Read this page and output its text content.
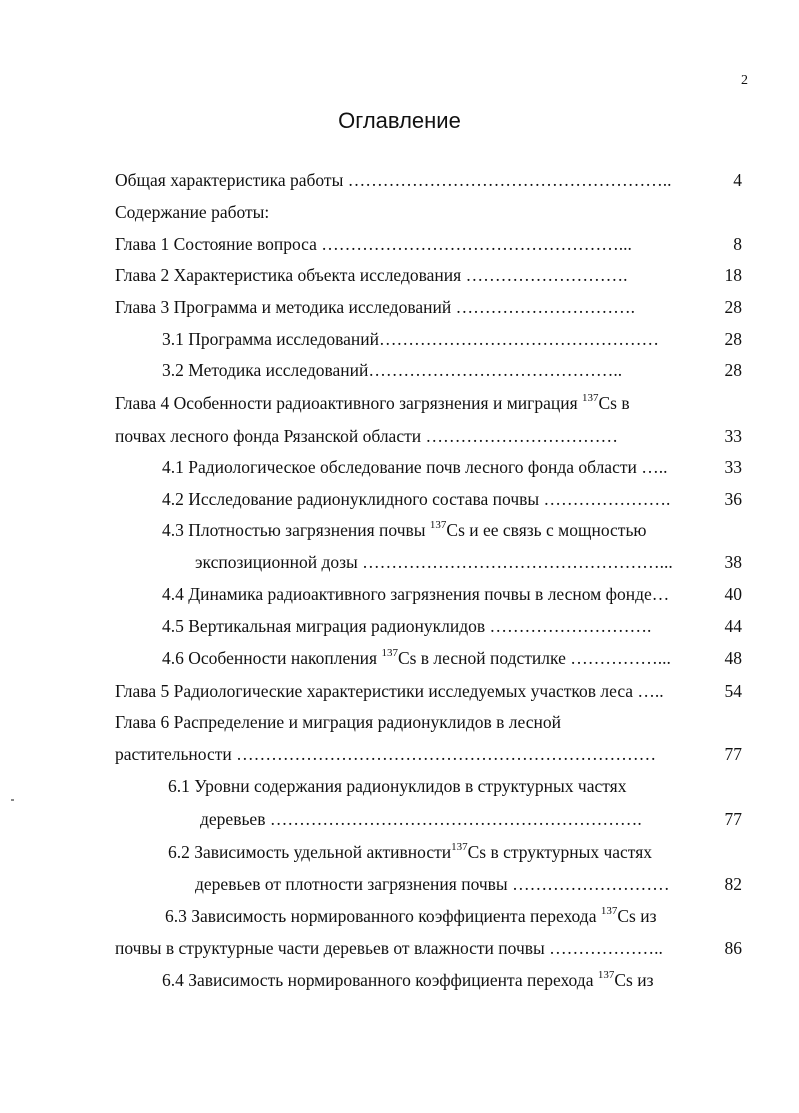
2
Оглавление
Общая характеристика работы ………………………………………………..	4
Содержание работы:
Глава 1 Состояние вопроса ……………………………………………...	8
Глава 2 Характеристика объекта исследования ……………………….	18
Глава 3 Программа и методика исследований ………………………….	28
3.1 Программа исследований…………………………………………	28
3.2 Методика исследований……………………………………..	28
Глава 4 Особенности радиоактивного загрязнения и миграция $^{137}$Cs в
почвах лесного фонда Рязанской области ……………………………	33
4.1 Радиологическое обследование почв лесного фонда области …..	33
4.2 Исследование радионуклидного состава почвы ………………….	36
4.3 Плотностью загрязнения почвы $^{137}$Cs и ее связь с мощностью
экспозиционной дозы ……………………………………………...	38
4.4 Динамика радиоактивного загрязнения почвы в лесном фонде…	40
4.5 Вертикальная миграция радионуклидов ……………………….	44
4.6 Особенности накопления $^{137}$Cs в лесной подстилке ……………...	48
Глава 5 Радиологические характеристики исследуемых участков леса …..	54
Глава 6 Распределение и миграция радионуклидов в лесной
растительности ………………………………………………………………	77
6.1 Уровни содержания радионуклидов в структурных частях
деревьев ……………………………………………………….	77
6.2 Зависимость удельной активности$^{137}$Cs в структурных частях
деревьев от плотности загрязнения почвы ………………………	82
6.3 Зависимость нормированного коэффициента перехода $^{137}$Cs из
почвы в структурные части деревьев от влажности почвы ………………..	86
6.4 Зависимость нормированного коэффициента перехода $^{137}$Cs из
